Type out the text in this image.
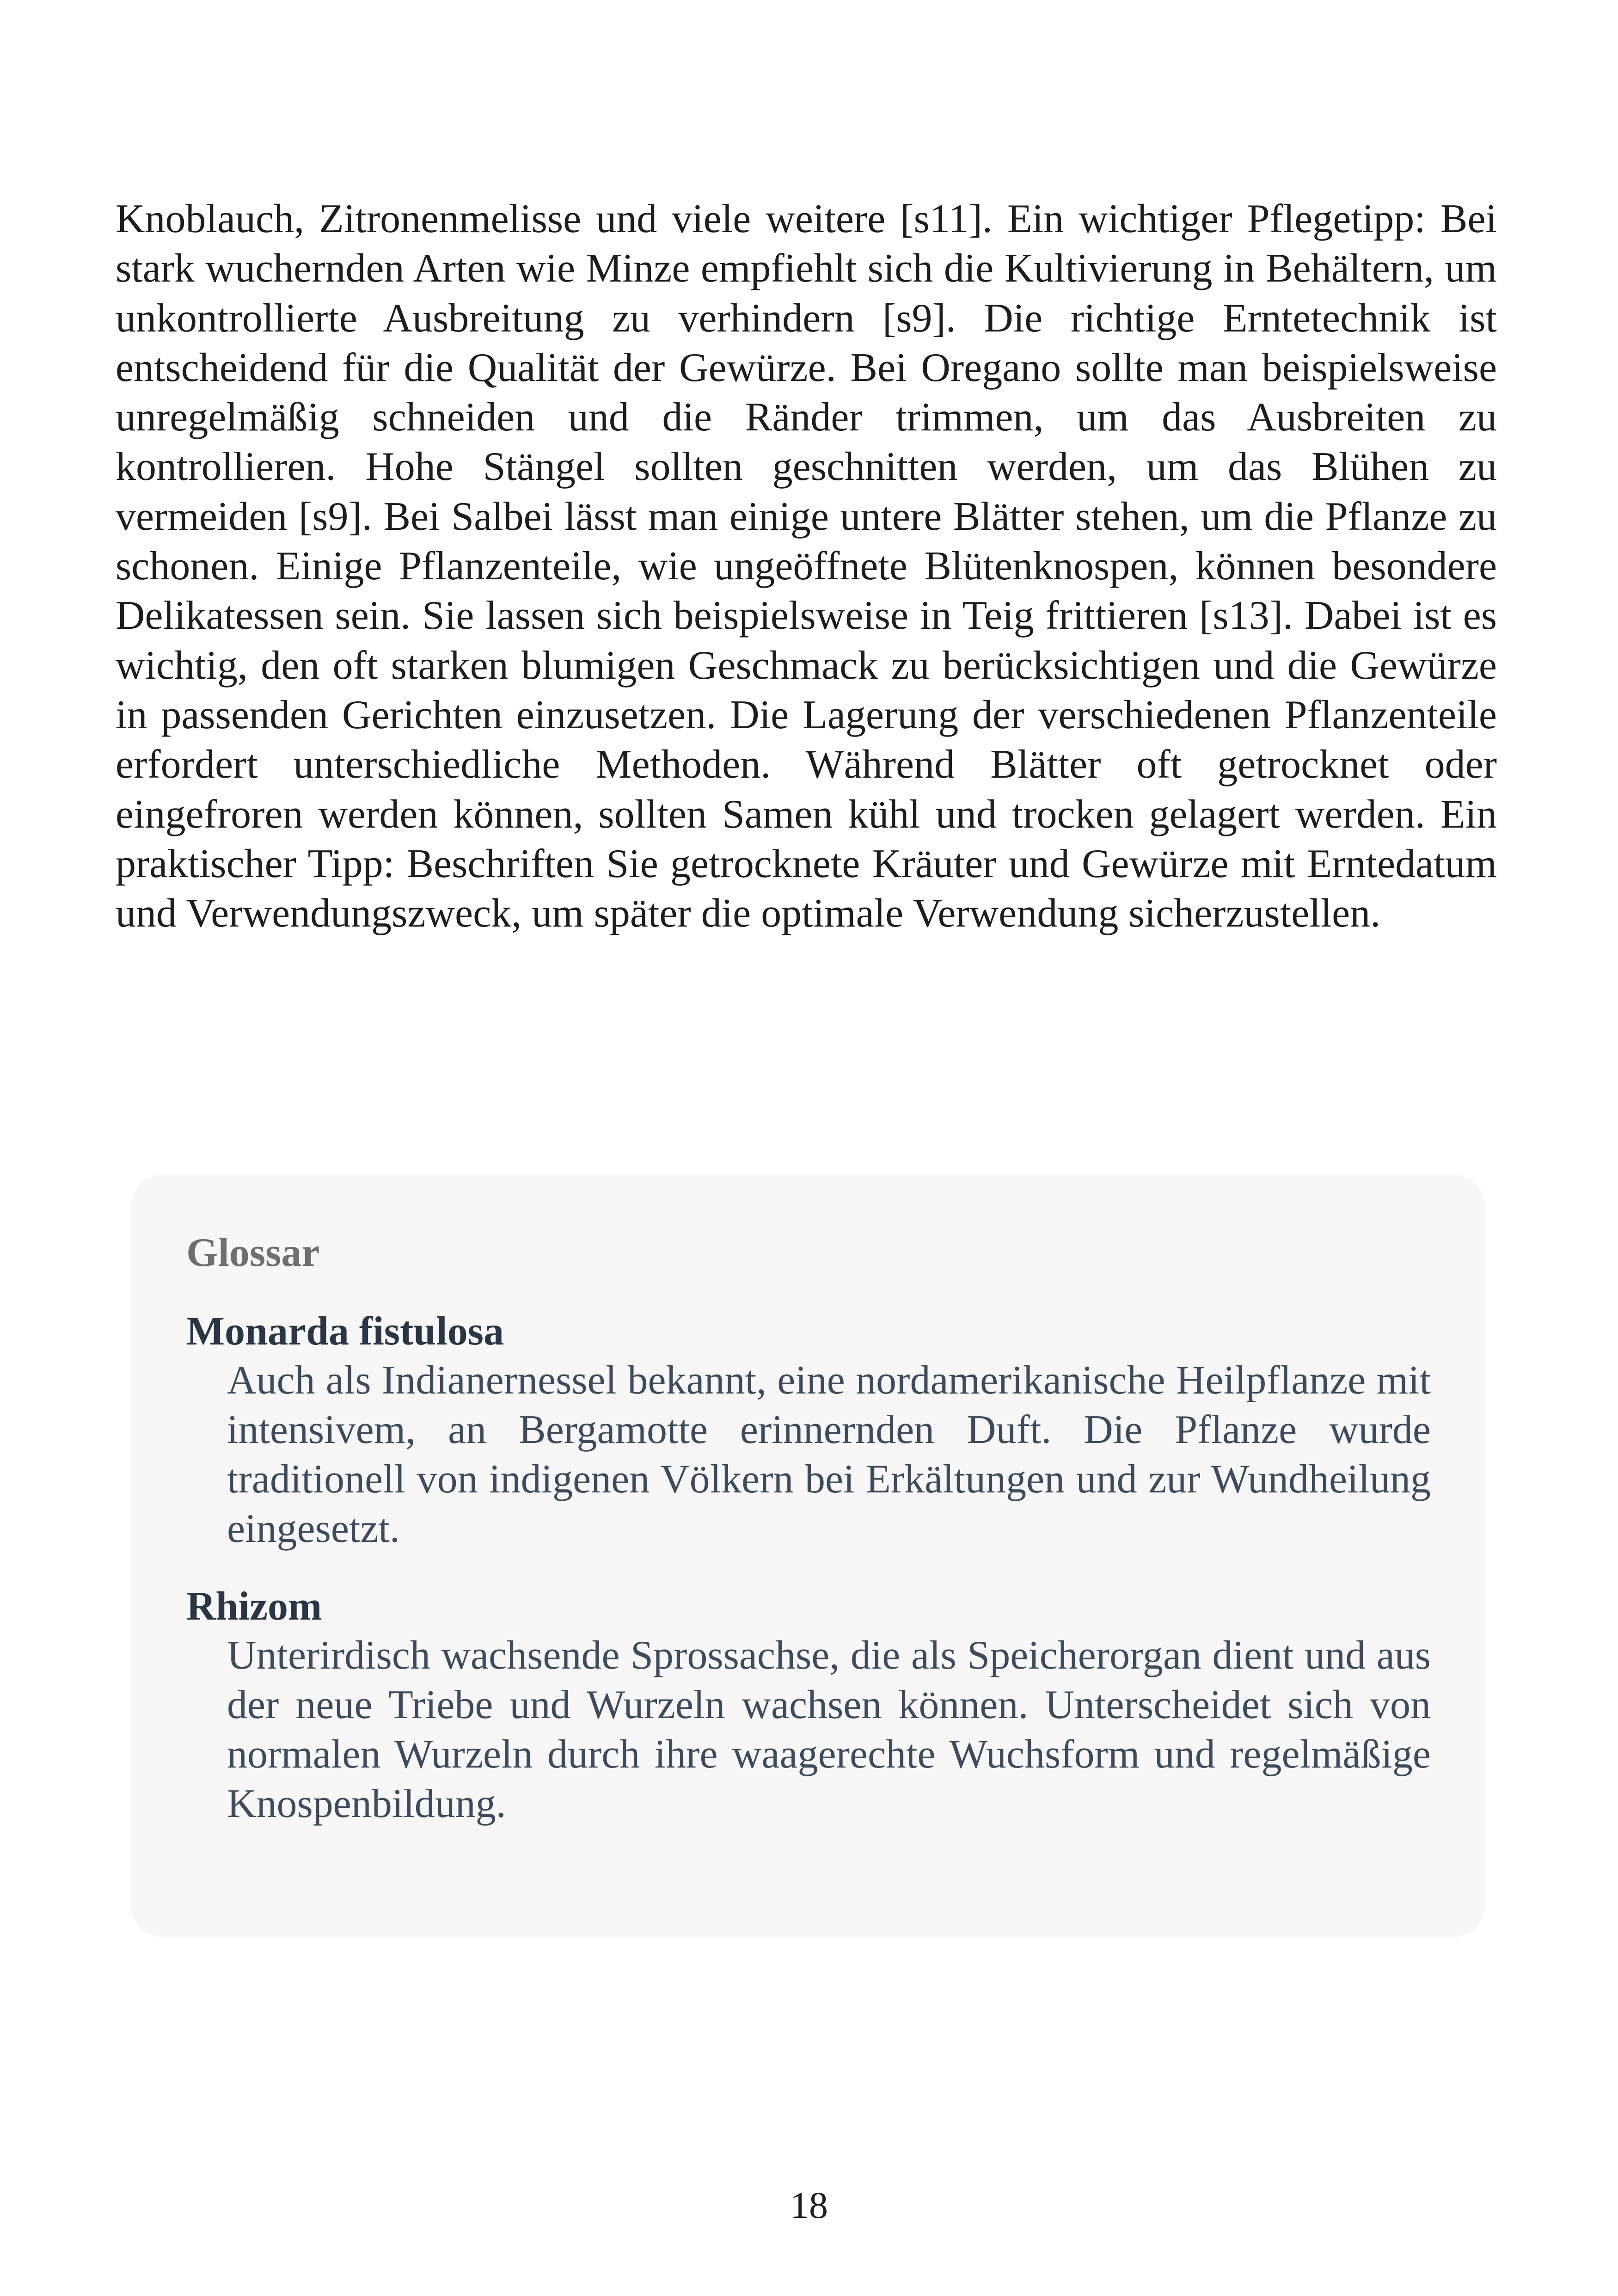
Knoblauch, Zitronenmelisse und viele weitere [s11]. Ein wichtiger Pflegetipp: Bei stark wuchernden Arten wie Minze empfiehlt sich die Kultivierung in Behältern, um unkontrollierte Ausbreitung zu verhindern [s9]. Die richtige Erntetechnik ist entscheidend für die Qualität der Gewürze. Bei Oregano sollte man beispielsweise unregelmäßig schneiden und die Ränder trimmen, um das Ausbreiten zu kontrollieren. Hohe Stängel sollten geschnitten werden, um das Blühen zu vermeiden [s9]. Bei Salbei lässt man einige untere Blätter stehen, um die Pflanze zu schonen. Einige Pflanzenteile, wie ungeöffnete Blütenknospen, können besondere Delikatessen sein. Sie lassen sich beispielsweise in Teig frittieren [s13]. Dabei ist es wichtig, den oft starken blumigen Geschmack zu berücksichtigen und die Gewürze in passenden Gerichten einzusetzen. Die Lagerung der verschiedenen Pflanzenteile erfordert unterschiedliche Methoden. Während Blätter oft getrocknet oder eingefroren werden können, sollten Samen kühl und trocken gelagert werden. Ein praktischer Tipp: Beschriften Sie getrocknete Kräuter und Gewürze mit Erntedatum und Verwendungszweck, um später die optimale Verwendung sicherzustellen.

Glossar
Monarda fistulosa
Auch als Indianernessel bekannt, eine nordamerikanische Heilpflanze mit intensivem, an Bergamotte erinnernden Duft. Die Pflanze wurde traditionell von indigenen Völkern bei Erkältungen und zur Wundheilung eingesetzt.
Rhizom
Unterirdisch wachsende Sprossachse, die als Speicherorgan dient und aus der neue Triebe und Wurzeln wachsen können. Unterscheidet sich von normalen Wurzeln durch ihre waagerechte Wuchsform und regelmäßige Knospenbildung.
18
